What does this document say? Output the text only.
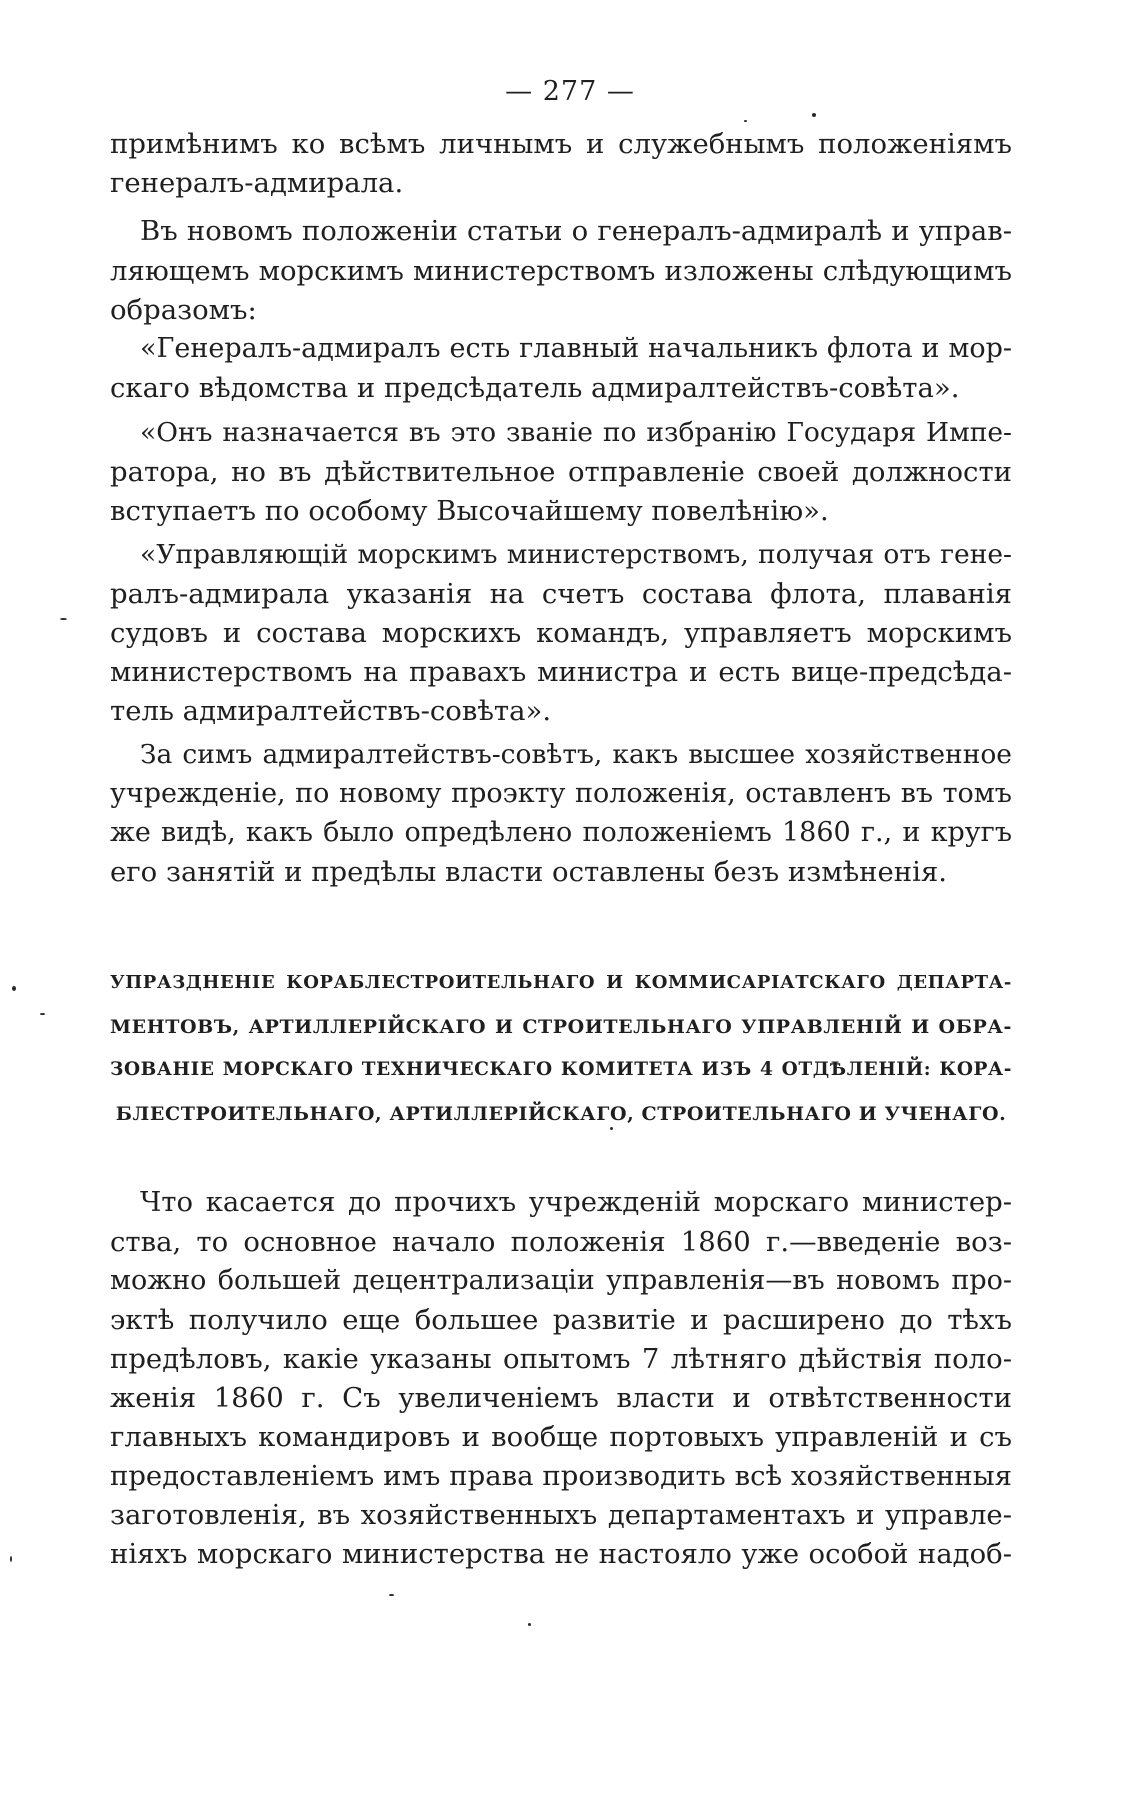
— 277 —
примѣнимъ ко всѣмъ личнымъ и служебнымъ положеніямъ
генералъ-адмирала.
Въ новомъ положеніи статьи о генералъ-адмиралѣ и управ-
ляющемъ морскимъ министерствомъ изложены слѣдующимъ
образомъ:
«Генералъ-адмиралъ есть главный начальникъ флота и мор-
скаго вѣдомства и предсѣдатель адмиралтействъ-совѣта».
«Онъ назначается въ это званіе по избранію Государя Импе-
ратора, но въ дѣйствительное отправленіе своей должности
вступаетъ по особому Высочайшему повелѣнію».
«Управляющій морскимъ министерствомъ, получая отъ гене-
ралъ-адмирала указанія на счетъ состава флота, плаванія
судовъ и состава морскихъ командъ, управляетъ морскимъ
министерствомъ на правахъ министра и есть вице-предсѣда-
тель адмиралтействъ-совѣта».
За симъ адмиралтействъ-совѣтъ, какъ высшее хозяйственное
учрежденіе, по новому проэкту положенія, оставленъ въ томъ
же видѣ, какъ было опредѣлено положеніемъ 1860 г., и кругъ
его занятій и предѣлы власти оставлены безъ измѣненія.
УПРАЗДНЕНІЕ КОРАБЛЕСТРОИТЕЛЬНАГО И КОММИСАРІАТСКАГО ДЕПАРТА-
МЕНТОВЪ, АРТИЛЛЕРІЙСКАГО И СТРОИТЕЛЬНАГО УПРАВЛЕНІЙ И ОБРА-
ЗОВАНІЕ МОРСКАГО ТЕХНИЧЕСКАГО КОМИТЕТА ИЗЪ 4 ОТДѢЛЕНІЙ: КОРА-
БЛЕСТРОИТЕЛЬНАГО, АРТИЛЛЕРІЙСКАГО, СТРОИТЕЛЬНАГО И УЧЕНАГО.
Что касается до прочихъ учрежденій морскаго министер-
ства, то основное начало положенія 1860 г.—введеніе воз-
можно большей децентрализаціи управленія—въ новомъ про-
эктѣ получило еще большее развитіе и расширено до тѣхъ
предѣловъ, какіе указаны опытомъ 7 лѣтняго дѣйствія поло-
женія 1860 г. Съ увеличеніемъ власти и отвѣтственности
главныхъ командировъ и вообще портовыхъ управленій и съ
предоставленіемъ имъ права производить всѣ хозяйственныя
заготовленія, въ хозяйственныхъ департаментахъ и управле-
ніяхъ морскаго министерства не настояло уже особой надоб-
